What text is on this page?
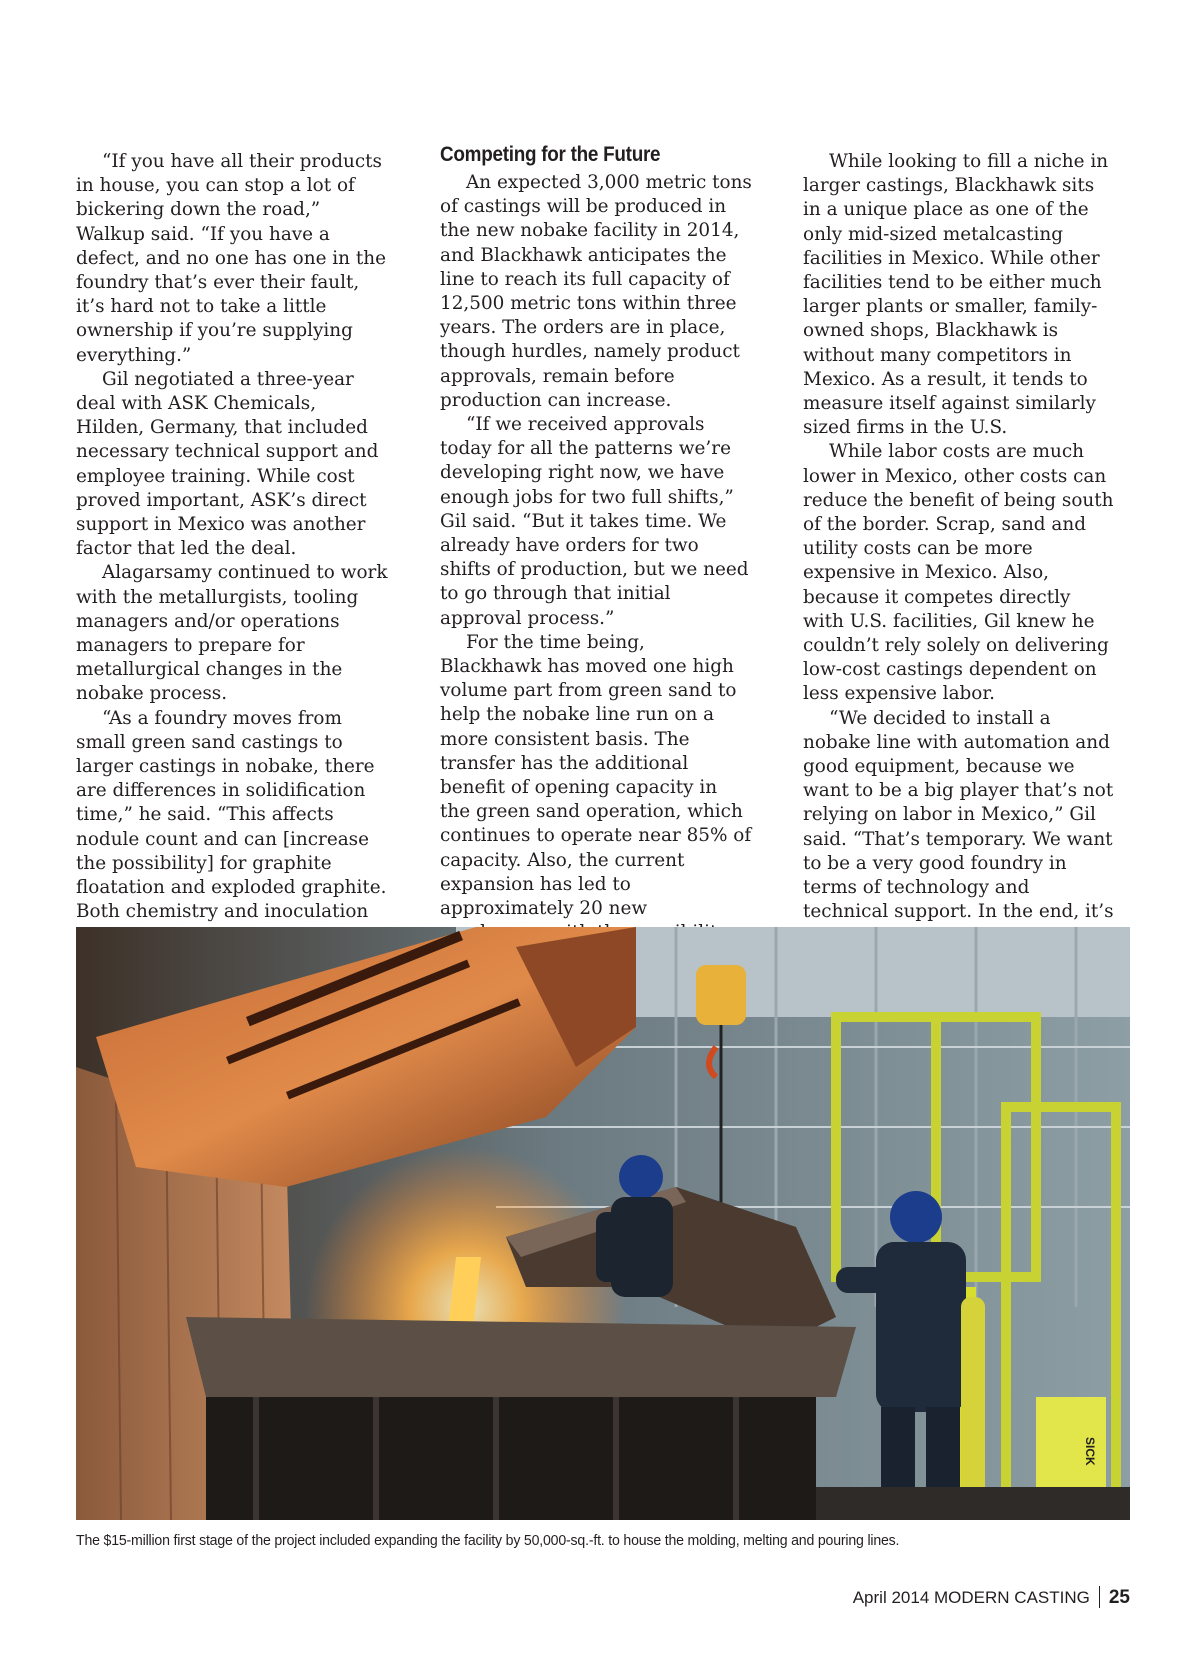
“If you have all their products in house, you can stop a lot of bickering down the road,” Walkup said. “If you have a defect, and no one has one in the foundry that’s ever their fault, it’s hard not to take a little ownership if you’re supplying everything.”

Gil negotiated a three-year deal with ASK Chemicals, Hilden, Germany, that included necessary technical support and employee training. While cost proved important, ASK’s direct support in Mexico was another factor that led the deal.

Alagarsamy continued to work with the metallurgists, tooling managers and/or operations managers to prepare for metallurgical changes in the nobake process.

“As a foundry moves from small green sand castings to larger castings in nobake, there are differences in solidification time,” he said. “This affects nodule count and can [increase the possibility] for graphite floatation and exploded graphite. Both chemistry and inoculation

Competing for the Future

An expected 3,000 metric tons of castings will be produced in the new nobake facility in 2014, and Blackhawk anticipates the line to reach its full capacity of 12,500 metric tons within three years. The orders are in place, though hurdles, namely product approvals, remain before production can increase.

“If we received approvals today for all the patterns we’re developing right now, we have enough jobs for two full shifts,” Gil said. “But it takes time. We already have orders for two shifts of production, but we need to go through that initial approval process.”

For the time being, Blackhawk has moved one high volume part from green sand to help the nobake line run on a more consistent basis. The transfer has the additional benefit of opening capacity in the green sand operation, which continues to operate near 85% of capacity. Also, the current expansion has led to approximately 20 new

While looking to fill a niche in larger castings, Blackhawk sits in a unique place as one of the only mid-sized metalcasting facilities in Mexico. While other facilities tend to be either much larger plants or smaller, family-owned shops, Blackhawk is without many competitors in Mexico. As a result, it tends to measure itself against similarly sized firms in the U.S.

While labor costs are much lower in Mexico, other costs can reduce the benefit of being south of the border. Scrap, sand and utility costs can be more expensive in Mexico. Also, because it competes directly with U.S. facilities, Gil knew he couldn’t rely solely on delivering low-cost castings dependent on less expensive labor.

“We decided to install a nobake line with automation and good equipment, because we want to be a big player that’s not relying on labor in Mexico,” Gil said. “That’s temporary. We want to be a very good foundry in terms of technology and technical support. In the end, it’s

SICK
The $15-million first stage of the project included expanding the facility by 50,000-sq.-ft. to house the molding, melting and pouring lines.
April 2014 MODERN CASTING 25
